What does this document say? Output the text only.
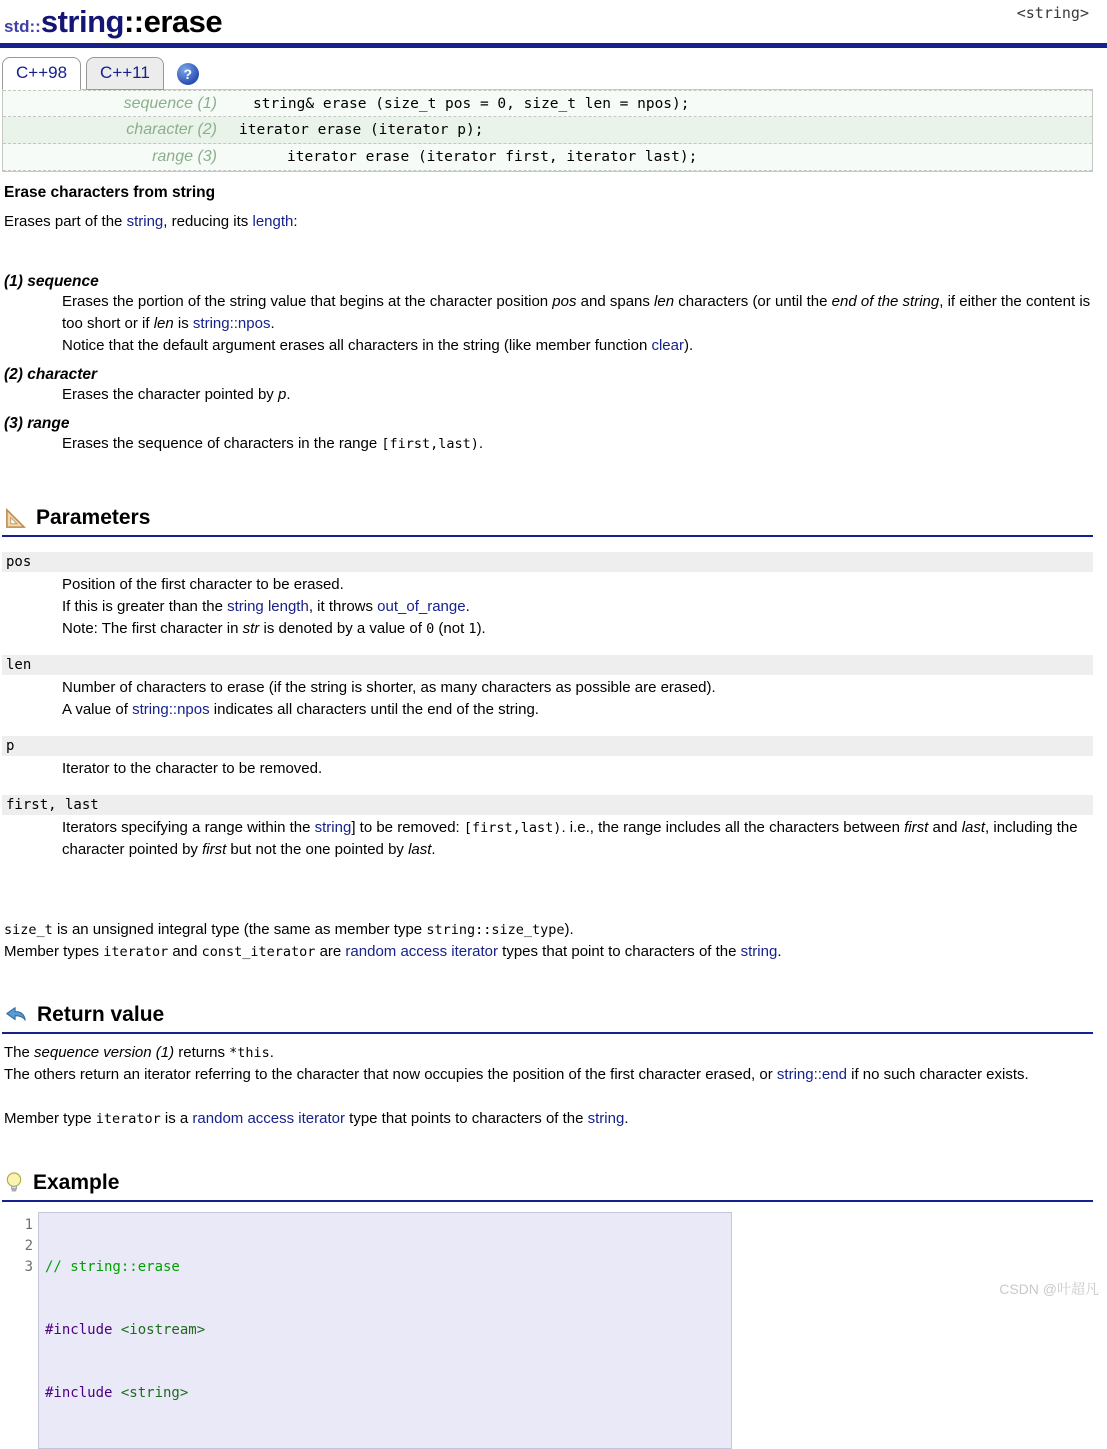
std::string::erase	<string>
C++98	C++11	?
sequence (1)	string& erase (size_t pos = 0, size_t len = npos);
character (2)	iterator erase (iterator p);
range (3)	iterator erase (iterator first, iterator last);
Erase characters from string
Erases part of the string, reducing its length:
(1) sequence
Erases the portion of the string value that begins at the character position pos and spans len characters (or until the end of the string, if either the content is too short or if len is string::npos.
Notice that the default argument erases all characters in the string (like member function clear).
(2) character
Erases the character pointed by p.
(3) range
Erases the sequence of characters in the range [first,last).
Parameters
pos
Position of the first character to be erased.
If this is greater than the string length, it throws out_of_range.
Note: The first character in str is denoted by a value of 0 (not 1).
len
Number of characters to erase (if the string is shorter, as many characters as possible are erased).
A value of string::npos indicates all characters until the end of the string.
p
Iterator to the character to be removed.
first, last
Iterators specifying a range within the string] to be removed: [first,last). i.e., the range includes all the characters between first and last, including the character pointed by first but not the one pointed by last.
size_t is an unsigned integral type (the same as member type string::size_type).
Member types iterator and const_iterator are random access iterator types that point to characters of the string.
Return value
The sequence version (1) returns *this.
The others return an iterator referring to the character that now occupies the position of the first character erased, or string::end if no such character exists.
Member type iterator is a random access iterator type that points to characters of the string.
Example
1
2
3

// string::erase

#include <iostream>

#include <string>

CSDN @叶超凡
